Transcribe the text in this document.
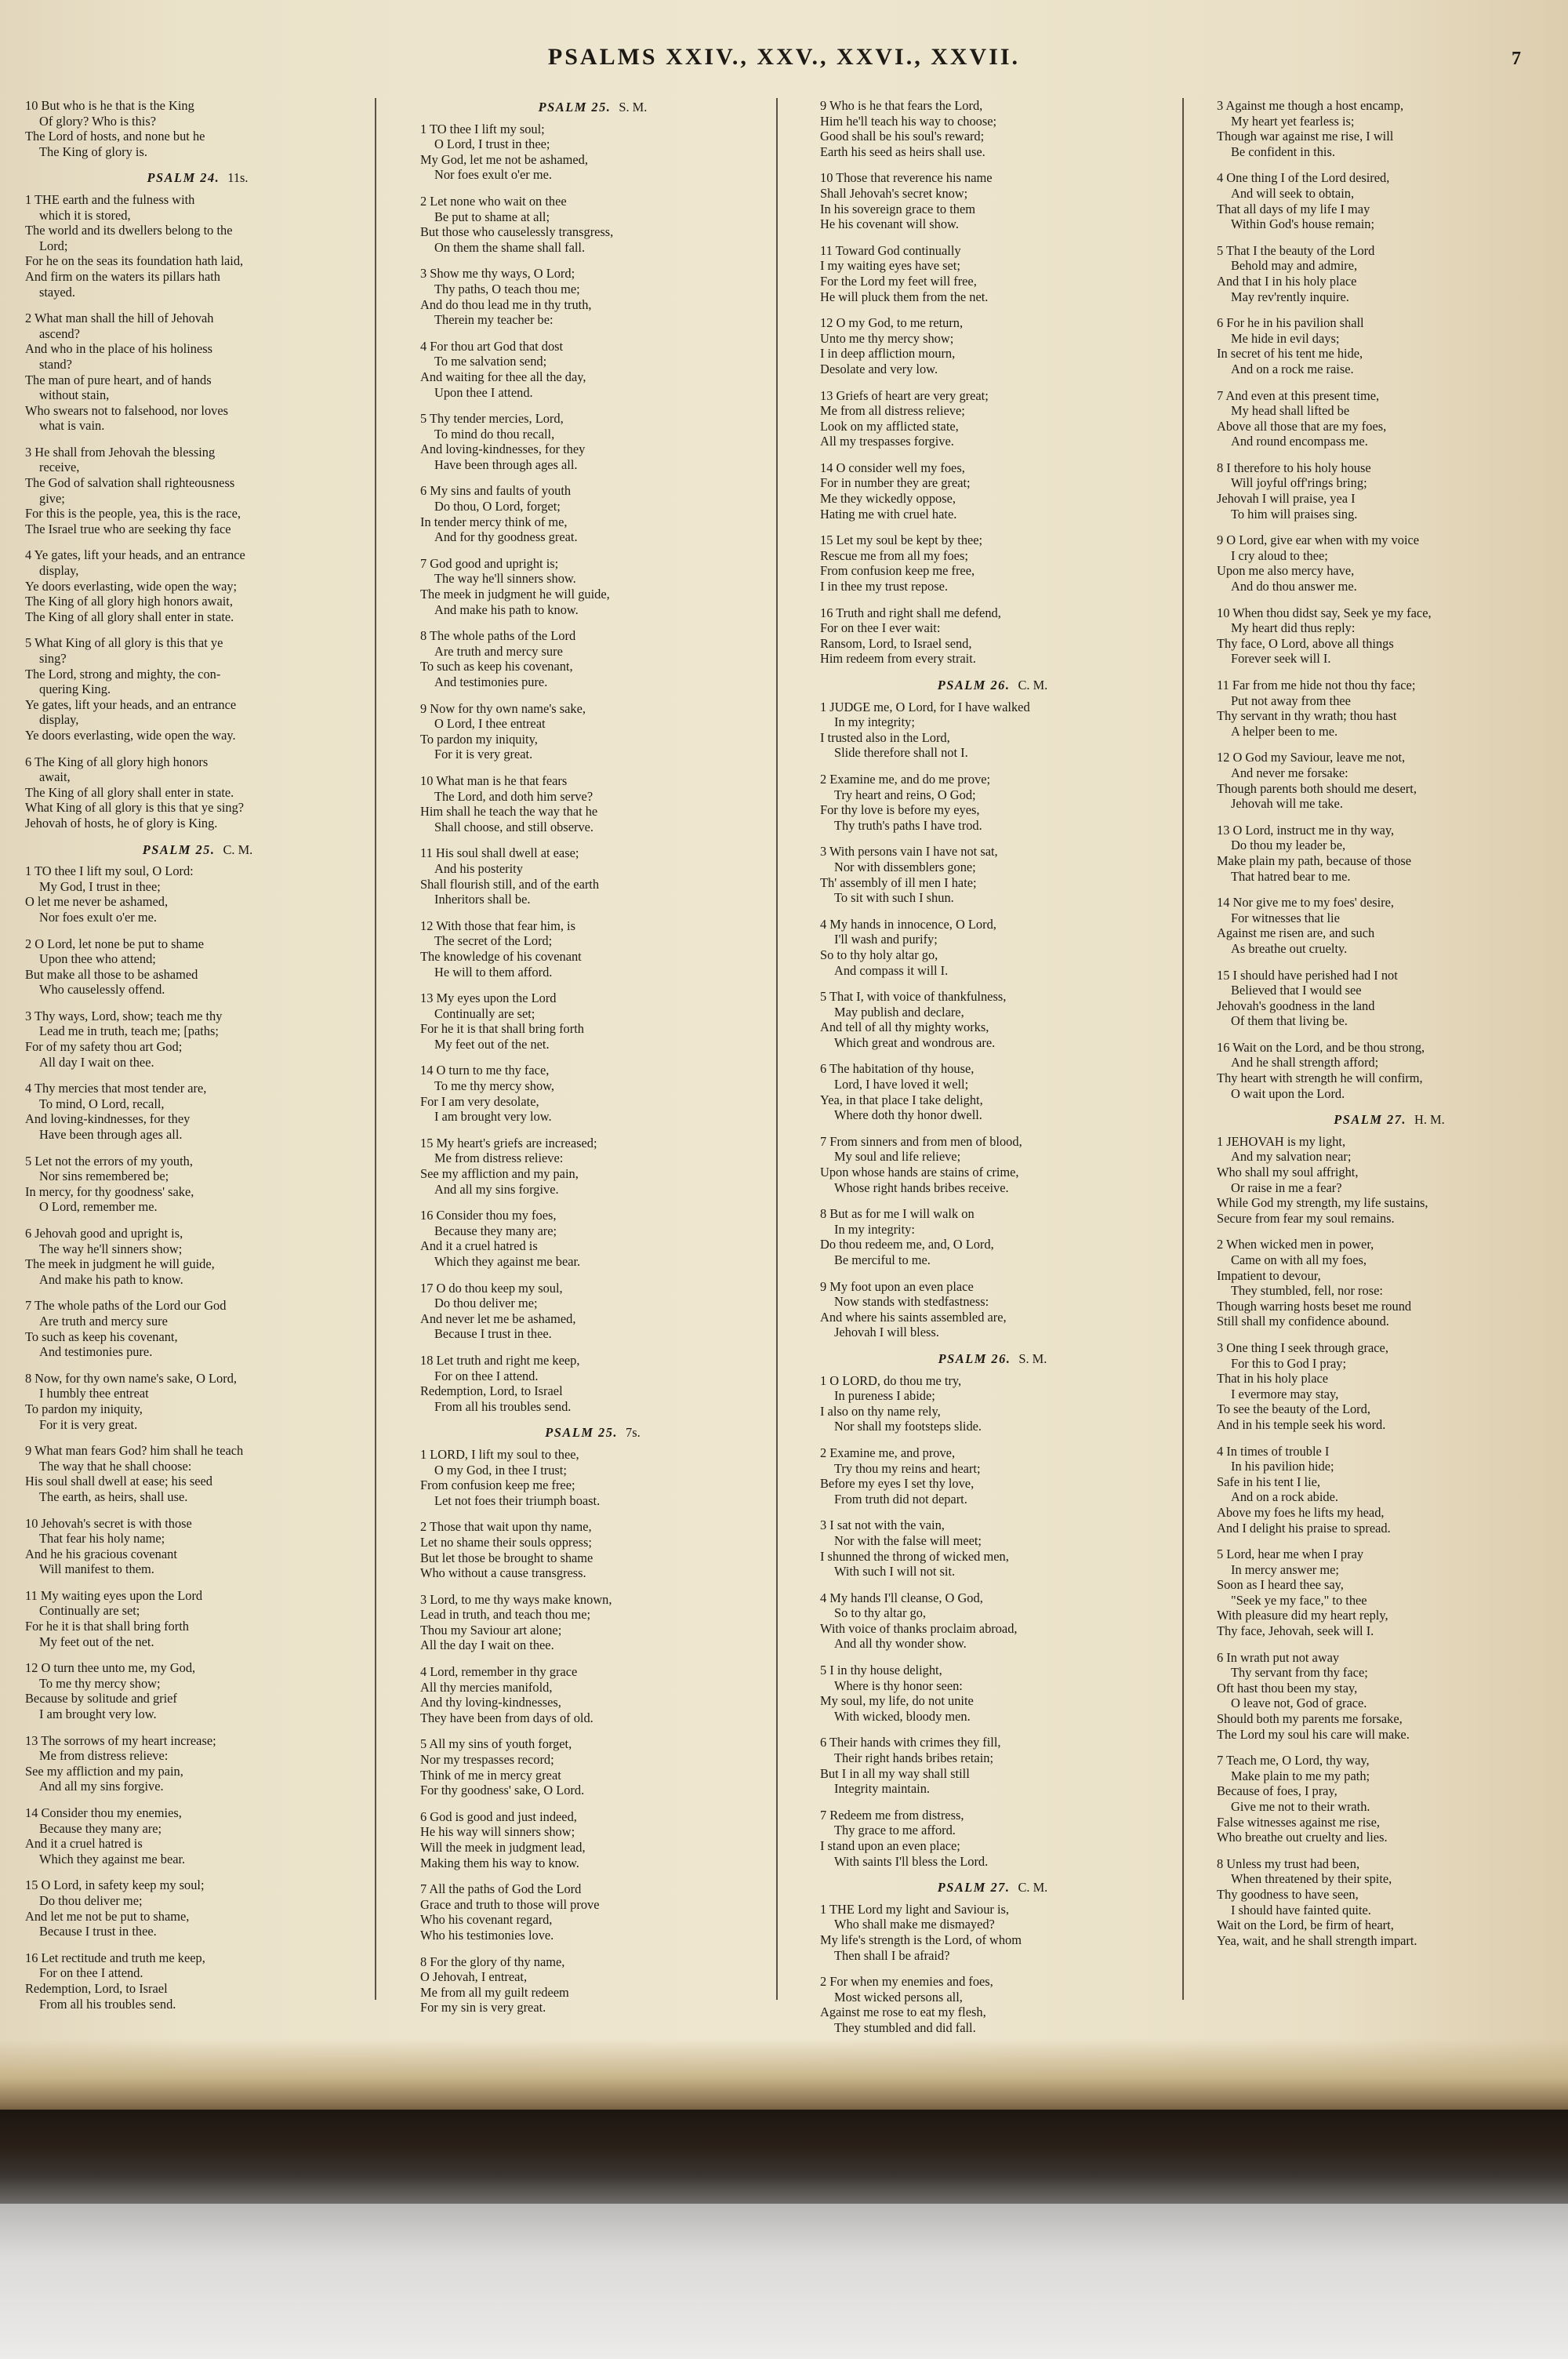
PSALMS XXIV., XXV., XXVI., XXVII.	7
10 But who is he that is the King
Of glory? Who is this?
The Lord of hosts, and none but he
The King of glory is.
PSALM 24. 11s.
1 THE earth and the fulness with
which it is stored,
The world and its dwellers belong to the
Lord;
For he on the seas its foundation hath laid,
And firm on the waters its pillars hath
stayed.
2 What man shall the hill of Jehovah
ascend?
And who in the place of his holiness
stand?
The man of pure heart, and of hands
without stain,
Who swears not to falsehood, nor loves
what is vain.
3 He shall from Jehovah the blessing
receive,
The God of salvation shall righteousness
give;
For this is the people, yea, this is the race,
The Israel true who are seeking thy face
4 Ye gates, lift your heads, and an entrance
display,
Ye doors everlasting, wide open the way;
The King of all glory high honors await,
The King of all glory shall enter in state.
5 What King of all glory is this that ye
sing?
The Lord, strong and mighty, the con-
quering King.
Ye gates, lift your heads, and an entrance
display,
Ye doors everlasting, wide open the way.
6 The King of all glory high honors
await,
The King of all glory shall enter in state.
What King of all glory is this that ye sing?
Jehovah of hosts, he of glory is King.
PSALM 25. C. M.
1 TO thee I lift my soul, O Lord:
My God, I trust in thee;
O let me never be ashamed,
Nor foes exult o'er me.
2 O Lord, let none be put to shame
Upon thee who attend;
But make all those to be ashamed
Who causelessly offend.
3 Thy ways, Lord, show; teach me thy
Lead me in truth, teach me; [paths;
For of my safety thou art God;
All day I wait on thee.
4 Thy mercies that most tender are,
To mind, O Lord, recall,
And loving-kindnesses, for they
Have been through ages all.
5 Let not the errors of my youth,
Nor sins remembered be;
In mercy, for thy goodness' sake,
O Lord, remember me.
6 Jehovah good and upright is,
The way he'll sinners show;
The meek in judgment he will guide,
And make his path to know.
7 The whole paths of the Lord our God
Are truth and mercy sure
To such as keep his covenant,
And testimonies pure.
8 Now, for thy own name's sake, O Lord,
I humbly thee entreat
To pardon my iniquity,
For it is very great.
9 What man fears God? him shall he teach
The way that he shall choose:
His soul shall dwell at ease; his seed
The earth, as heirs, shall use.
10 Jehovah's secret is with those
That fear his holy name;
And he his gracious covenant
Will manifest to them.
11 My waiting eyes upon the Lord
Continually are set;
For he it is that shall bring forth
My feet out of the net.
12 O turn thee unto me, my God,
To me thy mercy show;
Because by solitude and grief
I am brought very low.
13 The sorrows of my heart increase;
Me from distress relieve:
See my affliction and my pain,
And all my sins forgive.
14 Consider thou my enemies,
Because they many are;
And it a cruel hatred is
Which they against me bear.
15 O Lord, in safety keep my soul;
Do thou deliver me;
And let me not be put to shame,
Because I trust in thee.
16 Let rectitude and truth me keep,
For on thee I attend.
Redemption, Lord, to Israel
From all his troubles send.
PSALM 25. S. M.
1 TO thee I lift my soul;
O Lord, I trust in thee;
My God, let me not be ashamed,
Nor foes exult o'er me.
2 Let none who wait on thee
Be put to shame at all;
But those who causelessly transgress,
On them the shame shall fall.
3 Show me thy ways, O Lord;
Thy paths, O teach thou me;
And do thou lead me in thy truth,
Therein my teacher be:
4 For thou art God that dost
To me salvation send;
And waiting for thee all the day,
Upon thee I attend.
5 Thy tender mercies, Lord,
To mind do thou recall,
And loving-kindnesses, for they
Have been through ages all.
6 My sins and faults of youth
Do thou, O Lord, forget;
In tender mercy think of me,
And for thy goodness great.
7 God good and upright is;
The way he'll sinners show.
The meek in judgment he will guide,
And make his path to know.
8 The whole paths of the Lord
Are truth and mercy sure
To such as keep his covenant,
And testimonies pure.
9 Now for thy own name's sake,
O Lord, I thee entreat
To pardon my iniquity,
For it is very great.
10 What man is he that fears
The Lord, and doth him serve?
Him shall he teach the way that he
Shall choose, and still observe.
11 His soul shall dwell at ease;
And his posterity
Shall flourish still, and of the earth
Inheritors shall be.
12 With those that fear him, is
The secret of the Lord;
The knowledge of his covenant
He will to them afford.
13 My eyes upon the Lord
Continually are set;
For he it is that shall bring forth
My feet out of the net.
14 O turn to me thy face,
To me thy mercy show,
For I am very desolate,
I am brought very low.
15 My heart's griefs are increased;
Me from distress relieve:
See my affliction and my pain,
And all my sins forgive.
16 Consider thou my foes,
Because they many are;
And it a cruel hatred is
Which they against me bear.
17 O do thou keep my soul,
Do thou deliver me;
And never let me be ashamed,
Because I trust in thee.
18 Let truth and right me keep,
For on thee I attend.
Redemption, Lord, to Israel
From all his troubles send.
PSALM 25. 7s.
1 LORD, I lift my soul to thee,
O my God, in thee I trust;
From confusion keep me free;
Let not foes their triumph boast.
2 Those that wait upon thy name,
Let no shame their souls oppress;
But let those be brought to shame
Who without a cause transgress.
3 Lord, to me thy ways make known,
Lead in truth, and teach thou me;
Thou my Saviour art alone;
All the day I wait on thee.
4 Lord, remember in thy grace
All thy mercies manifold,
And thy loving-kindnesses,
They have been from days of old.
5 All my sins of youth forget,
Nor my trespasses record;
Think of me in mercy great
For thy goodness' sake, O Lord.
6 God is good and just indeed,
He his way will sinners show;
Will the meek in judgment lead,
Making them his way to know.
7 All the paths of God the Lord
Grace and truth to those will prove
Who his covenant regard,
Who his testimonies love.
8 For the glory of thy name,
O Jehovah, I entreat,
Me from all my guilt redeem
For my sin is very great.
9 Who is he that fears the Lord,
Him he'll teach his way to choose;
Good shall be his soul's reward;
Earth his seed as heirs shall use.
10 Those that reverence his name
Shall Jehovah's secret know;
In his sovereign grace to them
He his covenant will show.
11 Toward God continually
I my waiting eyes have set;
For the Lord my feet will free,
He will pluck them from the net.
12 O my God, to me return,
Unto me thy mercy show;
I in deep affliction mourn,
Desolate and very low.
13 Griefs of heart are very great;
Me from all distress relieve;
Look on my afflicted state,
All my trespasses forgive.
14 O consider well my foes,
For in number they are great;
Me they wickedly oppose,
Hating me with cruel hate.
15 Let my soul be kept by thee;
Rescue me from all my foes;
From confusion keep me free,
I in thee my trust repose.
16 Truth and right shall me defend,
For on thee I ever wait:
Ransom, Lord, to Israel send,
Him redeem from every strait.
PSALM 26. C. M.
1 JUDGE me, O Lord, for I have walked
In my integrity;
I trusted also in the Lord,
Slide therefore shall not I.
2 Examine me, and do me prove;
Try heart and reins, O God;
For thy love is before my eyes,
Thy truth's paths I have trod.
3 With persons vain I have not sat,
Nor with dissemblers gone;
Th' assembly of ill men I hate;
To sit with such I shun.
4 My hands in innocence, O Lord,
I'll wash and purify;
So to thy holy altar go,
And compass it will I.
5 That I, with voice of thankfulness,
May publish and declare,
And tell of all thy mighty works,
Which great and wondrous are.
6 The habitation of thy house,
Lord, I have loved it well;
Yea, in that place I take delight,
Where doth thy honor dwell.
7 From sinners and from men of blood,
My soul and life relieve;
Upon whose hands are stains of crime,
Whose right hands bribes receive.
8 But as for me I will walk on
In my integrity:
Do thou redeem me, and, O Lord,
Be merciful to me.
9 My foot upon an even place
Now stands with stedfastness:
And where his saints assembled are,
Jehovah I will bless.
PSALM 26. S. M.
1 O LORD, do thou me try,
In pureness I abide;
I also on thy name rely,
Nor shall my footsteps slide.
2 Examine me, and prove,
Try thou my reins and heart;
Before my eyes I set thy love,
From truth did not depart.
3 I sat not with the vain,
Nor with the false will meet;
I shunned the throng of wicked men,
With such I will not sit.
4 My hands I'll cleanse, O God,
So to thy altar go,
With voice of thanks proclaim abroad,
And all thy wonder show.
5 I in thy house delight,
Where is thy honor seen:
My soul, my life, do not unite
With wicked, bloody men.
6 Their hands with crimes they fill,
Their right hands bribes retain;
But I in all my way shall still
Integrity maintain.
7 Redeem me from distress,
Thy grace to me afford.
I stand upon an even place;
With saints I'll bless the Lord.
PSALM 27. C. M.
1 THE Lord my light and Saviour is,
Who shall make me dismayed?
My life's strength is the Lord, of whom
Then shall I be afraid?
2 For when my enemies and foes,
Most wicked persons all,
Against me rose to eat my flesh,
They stumbled and did fall.
3 Against me though a host encamp,
My heart yet fearless is;
Though war against me rise, I will
Be confident in this.
4 One thing I of the Lord desired,
And will seek to obtain,
That all days of my life I may
Within God's house remain;
5 That I the beauty of the Lord
Behold may and admire,
And that I in his holy place
May rev'rently inquire.
6 For he in his pavilion shall
Me hide in evil days;
In secret of his tent me hide,
And on a rock me raise.
7 And even at this present time,
My head shall lifted be
Above all those that are my foes,
And round encompass me.
8 I therefore to his holy house
Will joyful off'rings bring;
Jehovah I will praise, yea I
To him will praises sing.
9 O Lord, give ear when with my voice
I cry aloud to thee;
Upon me also mercy have,
And do thou answer me.
10 When thou didst say, Seek ye my face,
My heart did thus reply:
Thy face, O Lord, above all things
Forever seek will I.
11 Far from me hide not thou thy face;
Put not away from thee
Thy servant in thy wrath; thou hast
A helper been to me.
12 O God my Saviour, leave me not,
And never me forsake:
Though parents both should me desert,
Jehovah will me take.
13 O Lord, instruct me in thy way,
Do thou my leader be,
Make plain my path, because of those
That hatred bear to me.
14 Nor give me to my foes' desire,
For witnesses that lie
Against me risen are, and such
As breathe out cruelty.
15 I should have perished had I not
Believed that I would see
Jehovah's goodness in the land
Of them that living be.
16 Wait on the Lord, and be thou strong,
And he shall strength afford;
Thy heart with strength he will confirm,
O wait upon the Lord.
PSALM 27. H. M.
1 JEHOVAH is my light,
And my salvation near;
Who shall my soul affright,
Or raise in me a fear?
While God my strength, my life sustains,
Secure from fear my soul remains.
2 When wicked men in power,
Came on with all my foes,
Impatient to devour,
They stumbled, fell, nor rose:
Though warring hosts beset me round
Still shall my confidence abound.
3 One thing I seek through grace,
For this to God I pray;
That in his holy place
I evermore may stay,
To see the beauty of the Lord,
And in his temple seek his word.
4 In times of trouble I
In his pavilion hide;
Safe in his tent I lie,
And on a rock abide.
Above my foes he lifts my head,
And I delight his praise to spread.
5 Lord, hear me when I pray
In mercy answer me;
Soon as I heard thee say,
"Seek ye my face," to thee
With pleasure did my heart reply,
Thy face, Jehovah, seek will I.
6 In wrath put not away
Thy servant from thy face;
Oft hast thou been my stay,
O leave not, God of grace.
Should both my parents me forsake,
The Lord my soul his care will make.
7 Teach me, O Lord, thy way,
Make plain to me my path;
Because of foes, I pray,
Give me not to their wrath.
False witnesses against me rise,
Who breathe out cruelty and lies.
8 Unless my trust had been,
When threatened by their spite,
Thy goodness to have seen,
I should have fainted quite.
Wait on the Lord, be firm of heart,
Yea, wait, and he shall strength impart.
